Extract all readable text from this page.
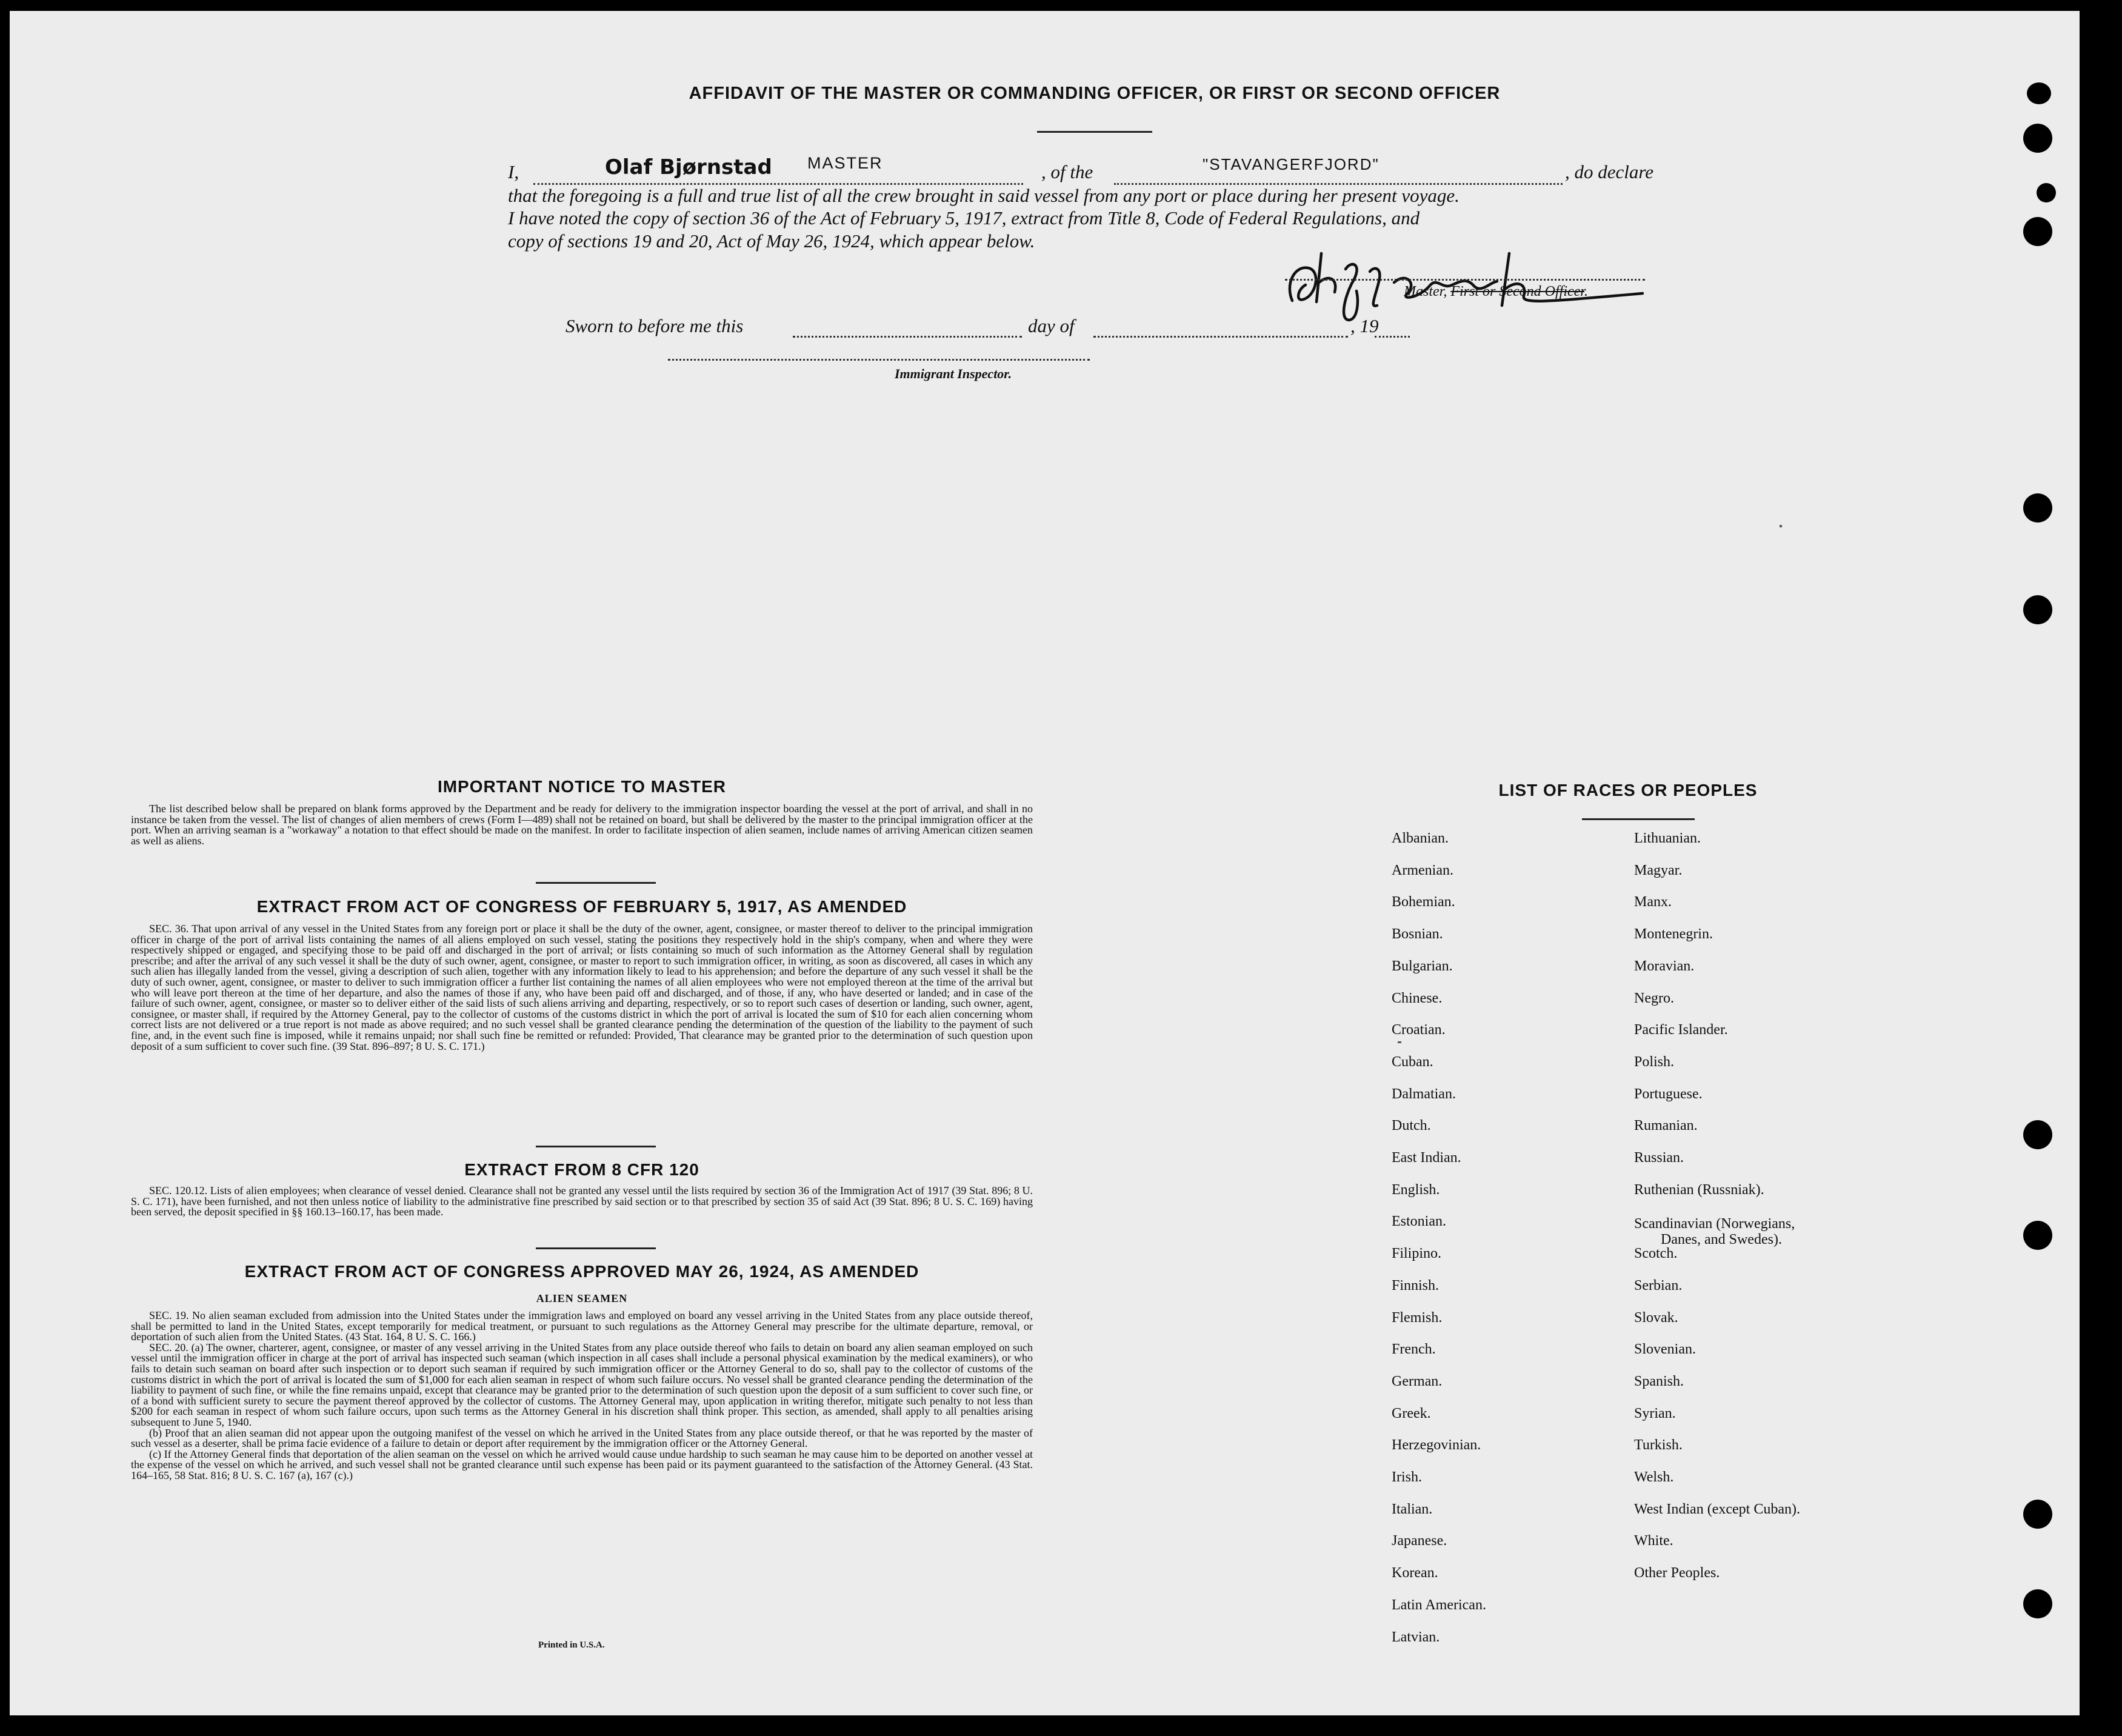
AFFIDAVIT OF THE MASTER OR COMMANDING OFFICER, OR FIRST OR SECOND OFFICER
I,	Olaf Bjørnstad MASTER	, of the	"STAVANGERFJORD"	, do declare
that the foregoing is a full and true list of all the crew brought in said vessel from any port or place during her present voyage.
I have noted the copy of section 36 of the Act of February 5, 1917, extract from Title 8, Code of Federal Regulations, and
copy of sections 19 and 20, Act of May 26, 1924, which appear below.
Master, First or Second Officer.
Sworn to before me this	day of	, 19
Immigrant Inspector.
IMPORTANT NOTICE TO MASTER

The list described below shall be prepared on blank forms approved by the Department and be ready for delivery to the immigration inspector boarding the vessel at the port of arrival, and shall in no instance be taken from the vessel. The list of changes of alien members of crews (Form I—489) shall not be retained on board, but shall be delivered by the master to the principal immigration officer at the port. When an arriving seaman is a "workaway" a notation to that effect should be made on the manifest. In order to facilitate inspection of alien seamen, include names of arriving American citizen seamen as well as aliens.

EXTRACT FROM ACT OF CONGRESS OF FEBRUARY 5, 1917, AS AMENDED

SEC. 36. That upon arrival of any vessel in the United States from any foreign port or place it shall be the duty of the owner, agent, consignee, or master thereof to deliver to the principal immigration officer in charge of the port of arrival lists containing the names of all aliens employed on such vessel, stating the positions they respectively hold in the ship's company, when and where they were respectively shipped or engaged, and specifying those to be paid off and discharged in the port of arrival; or lists containing so much of such information as the Attorney General shall by regulation prescribe; and after the arrival of any such vessel it shall be the duty of such owner, agent, consignee, or master to report to such immigration officer, in writing, as soon as discovered, all cases in which any such alien has illegally landed from the vessel, giving a description of such alien, together with any information likely to lead to his apprehension; and before the departure of any such vessel it shall be the duty of such owner, agent, consignee, or master to deliver to such immigration officer a further list containing the names of all alien employees who were not employed thereon at the time of the arrival but who will leave port thereon at the time of her departure, and also the names of those if any, who have been paid off and discharged, and of those, if any, who have deserted or landed; and in case of the failure of such owner, agent, consignee, or master so to deliver either of the said lists of such aliens arriving and departing, respectively, or so to report such cases of desertion or landing, such owner, agent, consignee, or master shall, if required by the Attorney General, pay to the collector of customs of the customs district in which the port of arrival is located the sum of $10 for each alien concerning whom correct lists are not delivered or a true report is not made as above required; and no such vessel shall be granted clearance pending the determination of the question of the liability to the payment of such fine, and, in the event such fine is imposed, while it remains unpaid; nor shall such fine be remitted or refunded: Provided, That clearance may be granted prior to the determination of such question upon deposit of a sum sufficient to cover such fine. (39 Stat. 896–897; 8 U. S. C. 171.)

EXTRACT FROM 8 CFR 120

SEC. 120.12. Lists of alien employees; when clearance of vessel denied. Clearance shall not be granted any vessel until the lists required by section 36 of the Immigration Act of 1917 (39 Stat. 896; 8 U. S. C. 171), have been furnished, and not then unless notice of liability to the administrative fine prescribed by said section or to that prescribed by section 35 of said Act (39 Stat. 896; 8 U. S. C. 169) having been served, the deposit specified in §§ 160.13–160.17, has been made.

EXTRACT FROM ACT OF CONGRESS APPROVED MAY 26, 1924, AS AMENDED
ALIEN SEAMEN

SEC. 19. No alien seaman excluded from admission into the United States under the immigration laws and employed on board any vessel arriving in the United States from any place outside thereof, shall be permitted to land in the United States, except temporarily for medical treatment, or pursuant to such regulations as the Attorney General may prescribe for the ultimate departure, removal, or deportation of such alien from the United States. (43 Stat. 164, 8 U. S. C. 166.)

SEC. 20. (a) The owner, charterer, agent, consignee, or master of any vessel arriving in the United States from any place outside thereof who fails to detain on board any alien seaman employed on such vessel until the immigration officer in charge at the port of arrival has inspected such seaman (which inspection in all cases shall include a personal physical examination by the medical examiners), or who fails to detain such seaman on board after such inspection or to deport such seaman if required by such immigration officer or the Attorney General to do so, shall pay to the collector of customs of the customs district in which the port of arrival is located the sum of $1,000 for each alien seaman in respect of whom such failure occurs. No vessel shall be granted clearance pending the determination of the liability to payment of such fine, or while the fine remains unpaid, except that clearance may be granted prior to the determination of such question upon the deposit of a sum sufficient to cover such fine, or of a bond with sufficient surety to secure the payment thereof approved by the collector of customs. The Attorney General may, upon application in writing therefor, mitigate such penalty to not less than $200 for each seaman in respect of whom such failure occurs, upon such terms as the Attorney General in his discretion shall think proper. This section, as amended, shall apply to all penalties arising subsequent to June 5, 1940.

(b) Proof that an alien seaman did not appear upon the outgoing manifest of the vessel on which he arrived in the United States from any place outside thereof, or that he was reported by the master of such vessel as a deserter, shall be prima facie evidence of a failure to detain or deport after requirement by the immigration officer or the Attorney General.

(c) If the Attorney General finds that deportation of the alien seaman on the vessel on which he arrived would cause undue hardship to such seaman he may cause him to be deported on another vessel at the expense of the vessel on which he arrived, and such vessel shall not be granted clearance until such expense has been paid or its payment guaranteed to the satisfaction of the Attorney General. (43 Stat. 164–165, 58 Stat. 816; 8 U. S. C. 167 (a), 167 (c).)

Printed in U.S.A.
LIST OF RACES OR PEOPLES
Albanian.
Armenian.
Bohemian.
Bosnian.
Bulgarian.
Chinese.
Croatian.
Cuban.
Dalmatian.
Dutch.
East Indian.
English.
Estonian.
Filipino.
Finnish.
Flemish.
French.
German.
Greek.
Herzegovinian.
Irish.
Italian.
Japanese.
Korean.
Latin American.
Latvian.
Lithuanian.
Magyar.
Manx.
Montenegrin.
Moravian.
Negro.
Pacific Islander.
Polish.
Portuguese.
Rumanian.
Russian.
Ruthenian (Russniak).
Scandinavian (Norwegians,
Danes, and Swedes).
Scotch.
Serbian.
Slovak.
Slovenian.
Spanish.
Syrian.
Turkish.
Welsh.
West Indian (except Cuban).
White.
Other Peoples.
